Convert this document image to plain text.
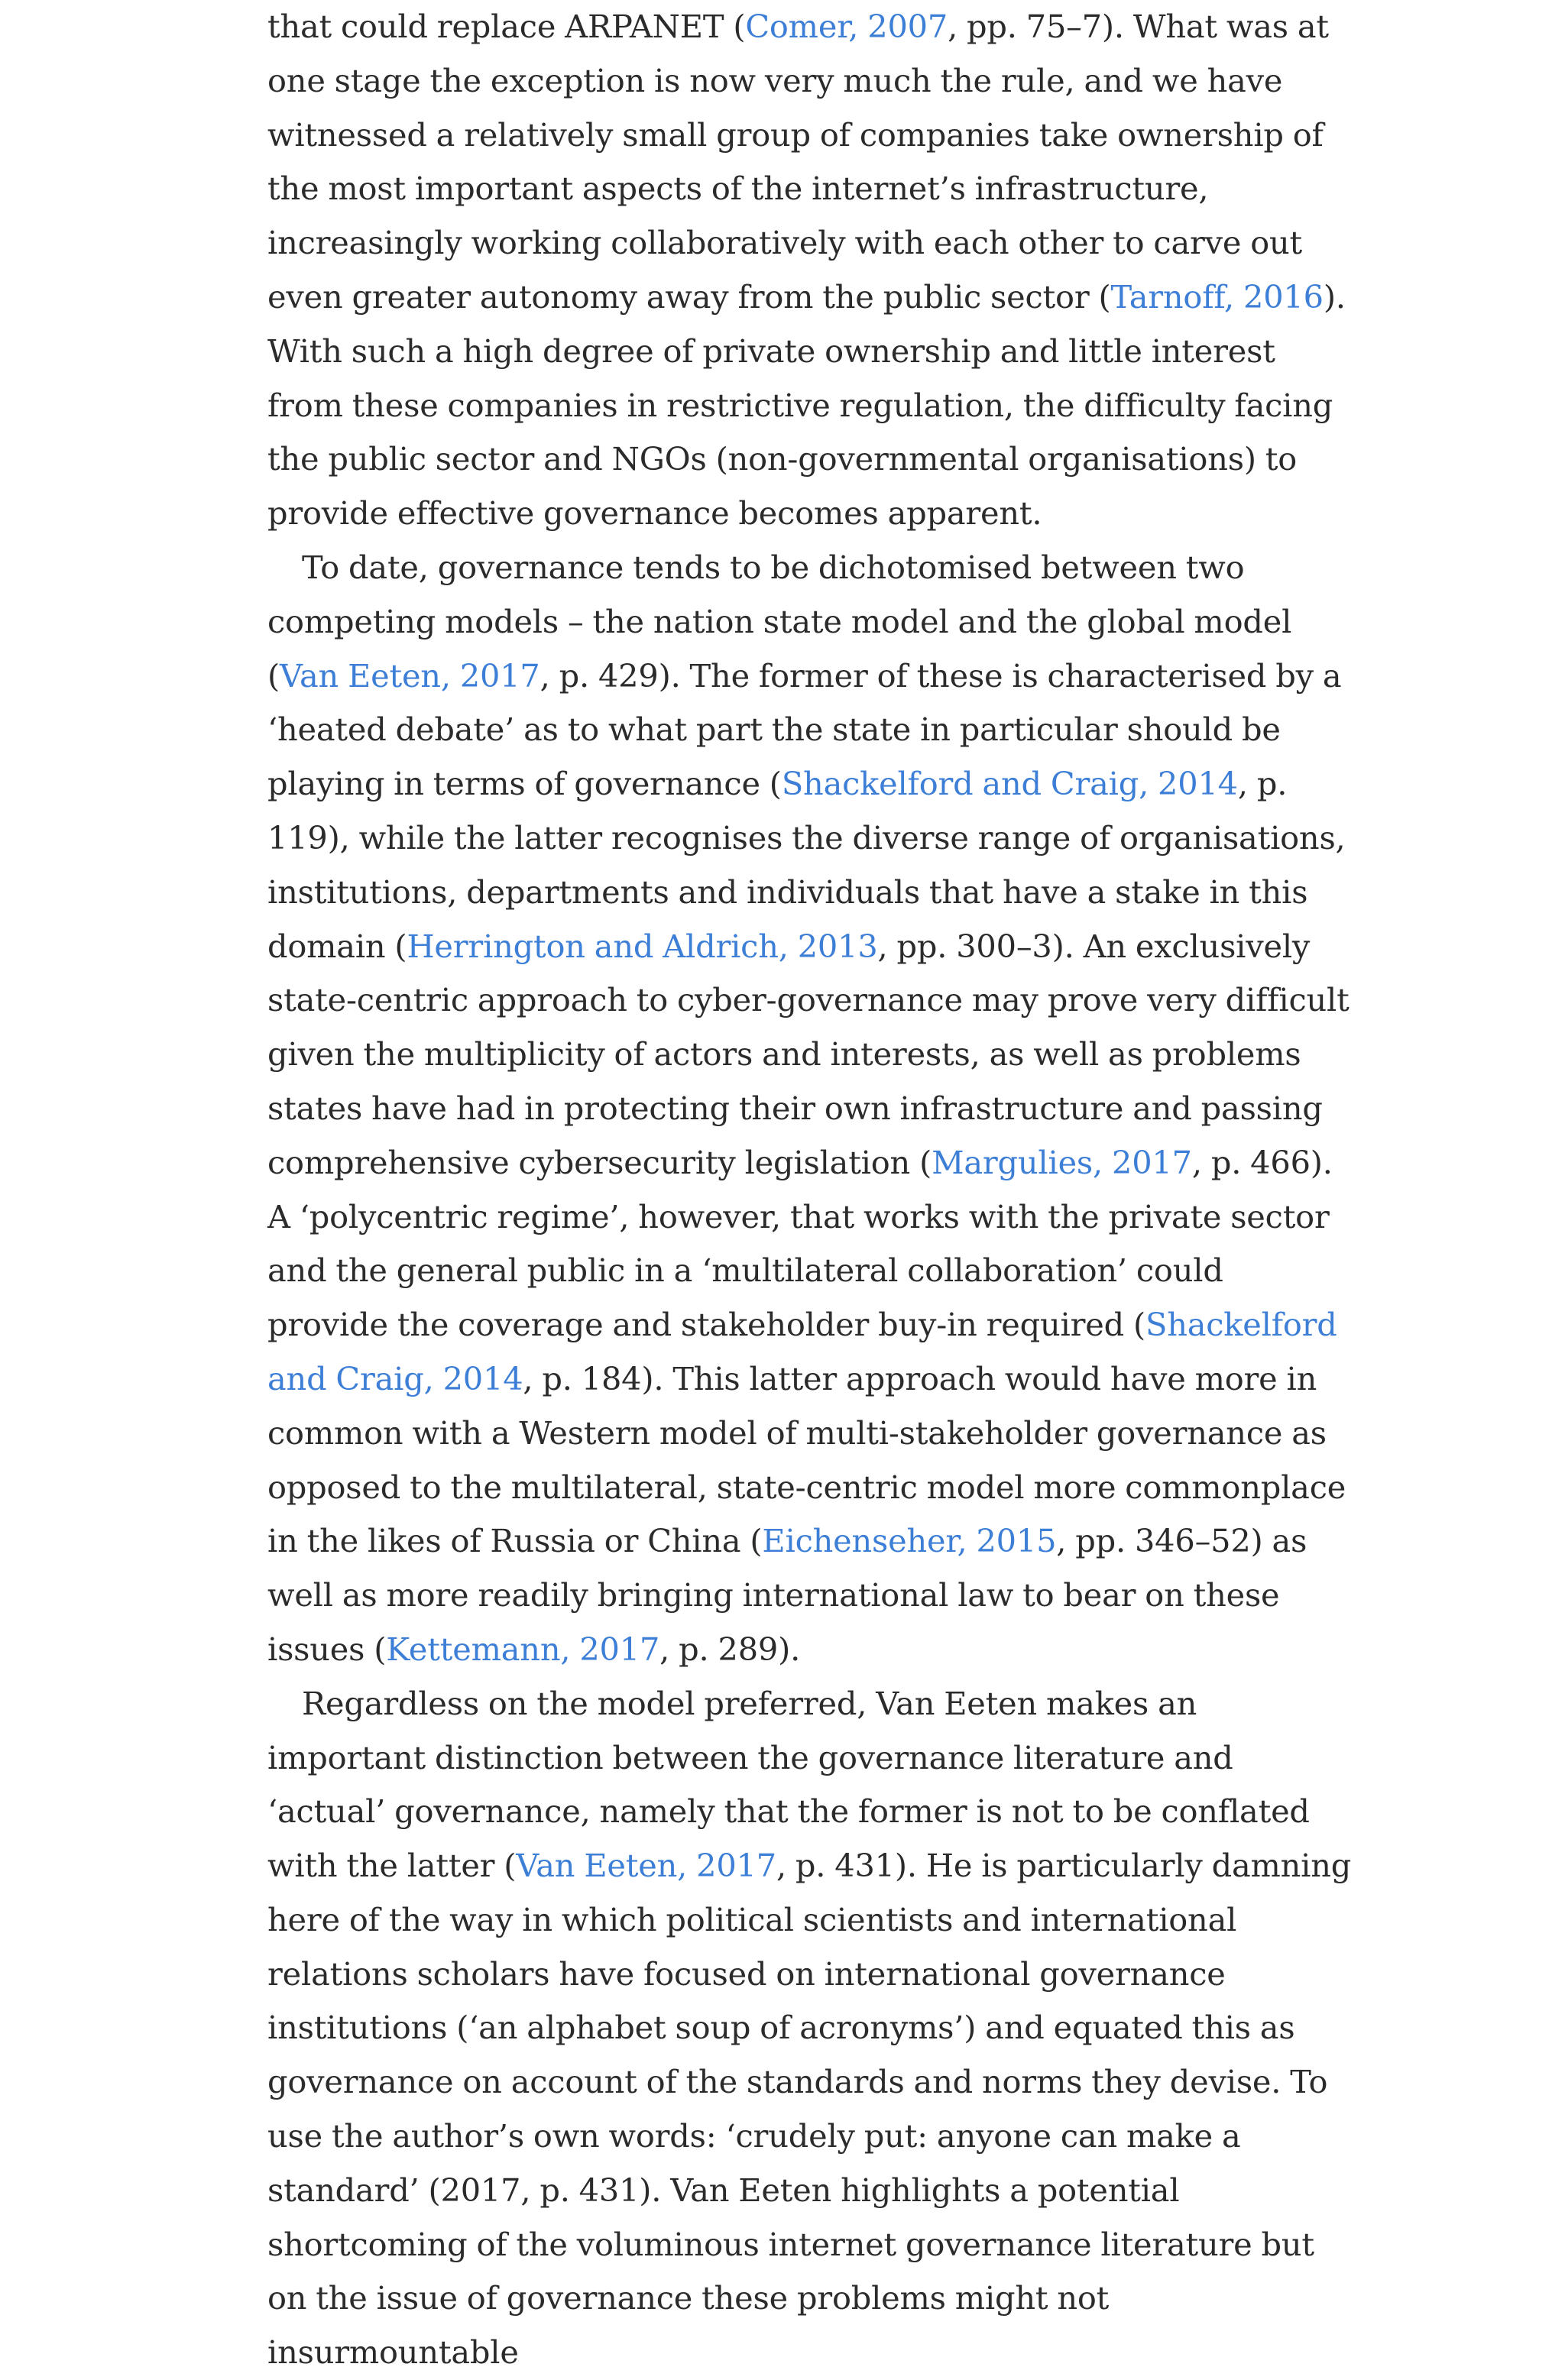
that could replace ARPANET (Comer, 2007, pp. 75–7). What was at one stage the exception is now very much the rule, and we have witnessed a relatively small group of companies take ownership of the most important aspects of the internet’s infrastructure, increasingly working collaboratively with each other to carve out even greater autonomy away from the public sector (Tarnoff, 2016). With such a high degree of private ownership and little interest from these companies in restrictive regulation, the difficulty facing the public sector and NGOs (non-governmental organisations) to provide effective governance becomes apparent.

To date, governance tends to be dichotomised between two competing models – the nation state model and the global model (Van Eeten, 2017, p. 429). The former of these is characterised by a ‘heated debate’ as to what part the state in particular should be playing in terms of governance (Shackelford and Craig, 2014, p. 119), while the latter recognises the diverse range of organisations, institutions, departments and individuals that have a stake in this domain (Herrington and Aldrich, 2013, pp. 300–3). An exclusively state-centric approach to cyber-governance may prove very difficult given the multiplicity of actors and interests, as well as problems states have had in protecting their own infrastructure and passing comprehensive cybersecurity legislation (Margulies, 2017, p. 466). A ‘polycentric regime’, however, that works with the private sector and the general public in a ‘multilateral collaboration’ could provide the coverage and stakeholder buy-in required (Shackelford and Craig, 2014, p. 184). This latter approach would have more in common with a Western model of multi-stakeholder governance as opposed to the multilateral, state-centric model more commonplace in the likes of Russia or China (Eichenseher, 2015, pp. 346–52) as well as more readily bringing international law to bear on these issues (Kettemann, 2017, p. 289).

Regardless on the model preferred, Van Eeten makes an important distinction between the governance literature and ‘actual’ governance, namely that the former is not to be conflated with the latter (Van Eeten, 2017, p. 431). He is particularly damning here of the way in which political scientists and international relations scholars have focused on international governance institutions (‘an alphabet soup of acronyms’) and equated this as governance on account of the standards and norms they devise. To use the author’s own words: ‘crudely put: anyone can make a standard’ (2017, p. 431). Van Eeten highlights a potential shortcoming of the voluminous internet governance literature but on the issue of governance these problems might not insurmountable
